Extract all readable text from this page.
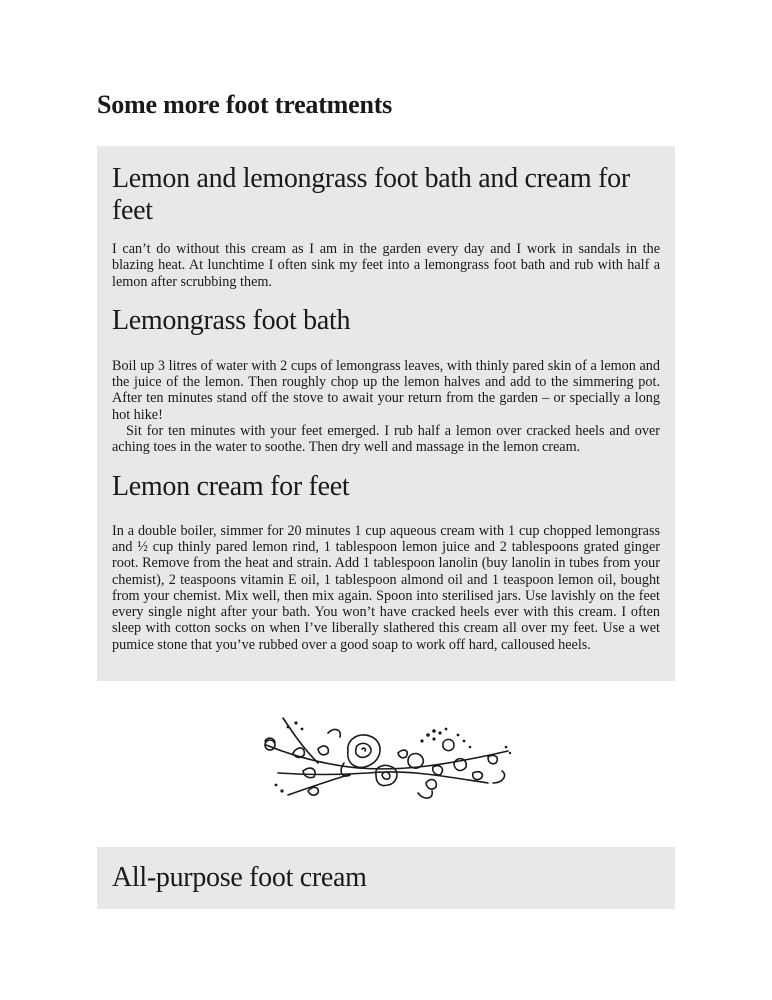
Some more foot treatments
Lemon and lemongrass foot bath and cream for feet

I can’t do without this cream as I am in the garden every day and I work in sandals in the blazing heat. At lunchtime I often sink my feet into a lemongrass foot bath and rub with half a lemon after scrubbing them.

Lemongrass foot bath

Boil up 3 litres of water with 2 cups of lemongrass leaves, with thinly pared skin of a lemon and the juice of the lemon. Then roughly chop up the lemon halves and add to the simmering pot. After ten minutes stand off the stove to await your return from the garden – or specially a long hot hike!

Sit for ten minutes with your feet emerged. I rub half a lemon over cracked heels and over aching toes in the water to soothe. Then dry well and massage in the lemon cream.

Lemon cream for feet

In a double boiler, simmer for 20 minutes 1 cup aqueous cream with 1 cup chopped lemongrass and ½ cup thinly pared lemon rind, 1 tablespoon lemon juice and 2 tablespoons grated ginger root. Remove from the heat and strain. Add 1 tablespoon lanolin (buy lanolin in tubes from your chemist), 2 teaspoons vitamin E oil, 1 tablespoon almond oil and 1 teaspoon lemon oil, bought from your chemist. Mix well, then mix again. Spoon into sterilised jars. Use lavishly on the feet every single night after your bath. You won’t have cracked heels ever with this cream. I often sleep with cotton socks on when I’ve liberally slathered this cream all over my feet. Use a wet pumice stone that you’ve rubbed over a good soap to work off hard, calloused heels.

All-purpose foot cream
